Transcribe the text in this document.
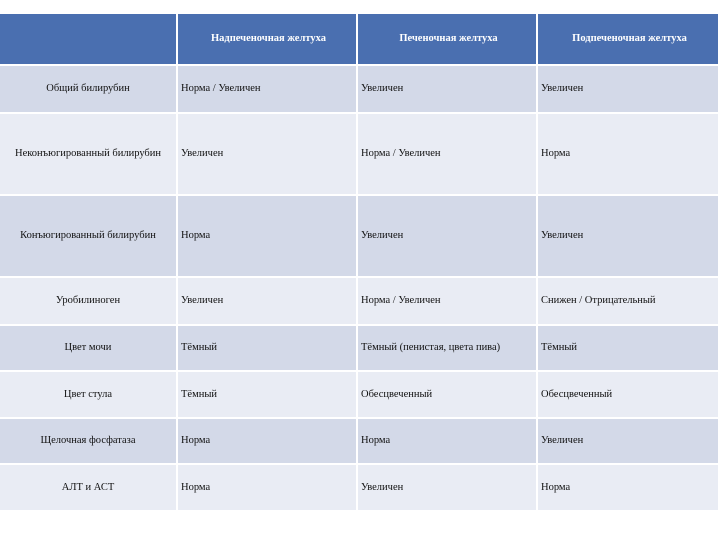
	Надпеченочная желтуха	Печеночная желтуха	Подпеченочная желтуха
Общий билирубин	Норма / Увеличен	Увеличен	Увеличен
Неконъюгированный билирубин	Увеличен	Норма / Увеличен	Норма
Конъюгированный билирубин	Норма	Увеличен	Увеличен
Уробилиноген	Увеличен	Норма / Увеличен	Снижен / Отрицательный
Цвет мочи	Тёмный	Тёмный (пенистая, цвета пива)	Тёмный
Цвет стула	Тёмный	Обесцвеченный	Обесцвеченный
Щелочная фосфатаза	Норма	Норма	Увеличен
АЛТ и АСТ	Норма	Увеличен	Норма
